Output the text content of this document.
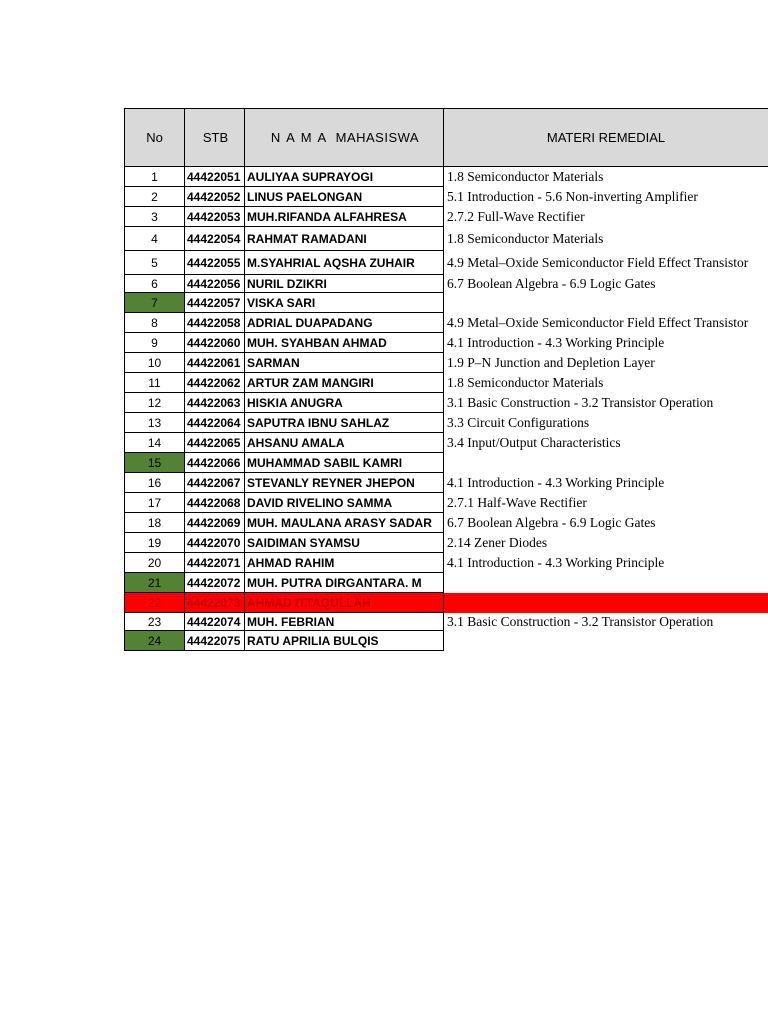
No	STB	N A M A MAHASISWA	MATERI REMEDIAL
1	44422051 AULIYAA SUPRAYOGI	1.8 Semiconductor Materials
2	44422052 LINUS PAELONGAN	5.1 Introduction - 5.6 Non-inverting Amplifier
3	44422053 MUH.RIFANDA ALFAHRESA	2.7.2 Full-Wave Rectifier
4	44422054 RAHMAT RAMADANI	1.8 Semiconductor Materials
5	44422055 M.SYAHRIAL AQSHA ZUHAIR	4.9 Metal–Oxide Semiconductor Field Effect Transistor
6	44422056 NURIL DZIKRI	6.7 Boolean Algebra - 6.9 Logic Gates
7	44422057 VISKA SARI
8	44422058 ADRIAL DUAPADANG	4.9 Metal–Oxide Semiconductor Field Effect Transistor
9	44422060 MUH. SYAHBAN AHMAD	4.1 Introduction - 4.3 Working Principle
10	44422061 SARMAN	1.9 P–N Junction and Depletion Layer
11	44422062 ARTUR ZAM MANGIRI	1.8 Semiconductor Materials
12	44422063 HISKIA ANUGRA	3.1 Basic Construction - 3.2 Transistor Operation
13	44422064 SAPUTRA IBNU SAHLAZ	3.3 Circuit Configurations
14	44422065 AHSANU AMALA	3.4 Input/Output Characteristics
15	44422066 MUHAMMAD SABIL KAMRI
16	44422067 STEVANLY REYNER JHEPON	4.1 Introduction - 4.3 Working Principle
17	44422068 DAVID RIVELINO SAMMA	2.7.1 Half-Wave Rectifier
18	44422069 MUH. MAULANA ARASY SADAR	6.7 Boolean Algebra - 6.9 Logic Gates
19	44422070 SAIDIMAN SYAMSU	2.14 Zener Diodes
20	44422071 AHMAD RAHIM	4.1 Introduction - 4.3 Working Principle
21	44422072 MUH. PUTRA DIRGANTARA. M
22	44422073 AHMAD ITTAQULLAH
23	44422074 MUH. FEBRIAN	3.1 Basic Construction - 3.2 Transistor Operation
24	44422075 RATU APRILIA BULQIS
